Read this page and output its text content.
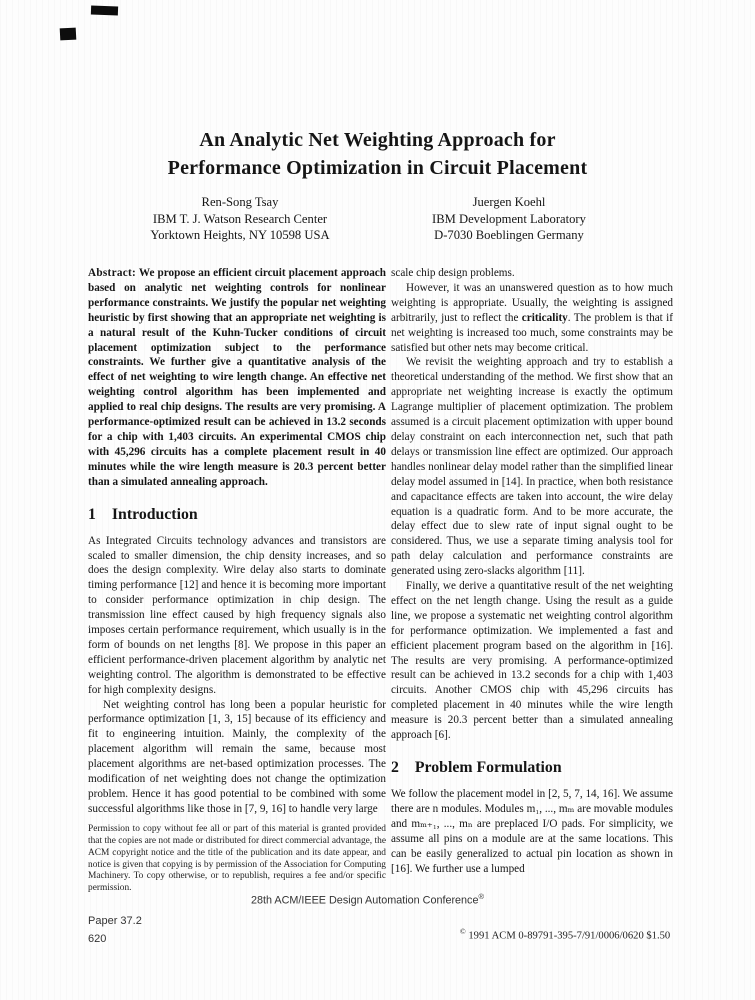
An Analytic Net Weighting Approach for
Performance Optimization in Circuit Placement
Ren-Song Tsay
IBM T. J. Watson Research Center
Yorktown Heights, NY 10598 USA
Juergen Koehl
IBM Development Laboratory
D-7030 Boeblingen Germany

Abstract: We propose an efficient circuit placement approach based on analytic net weighting controls for nonlinear performance constraints. We justify the popular net weighting heuristic by first showing that an appropriate net weighting is a natural result of the Kuhn-Tucker conditions of circuit placement optimization subject to the performance constraints. We further give a quantitative analysis of the effect of net weighting to wire length change. An effective net weighting control algorithm has been implemented and applied to real chip designs. The results are very promising. A performance-optimized result can be achieved in 13.2 seconds for a chip with 1,403 circuits. An experimental CMOS chip with 45,296 circuits has a complete placement result in 40 minutes while the wire length measure is 20.3 percent better than a simulated annealing approach.

1 Introduction

As Integrated Circuits technology advances and transistors are scaled to smaller dimension, the chip density increases, and so does the design complexity. Wire delay also starts to dominate timing performance [12] and hence it is becoming more important to consider performance optimization in chip design. The transmission line effect caused by high frequency signals also imposes certain performance requirement, which usually is in the form of bounds on net lengths [8]. We propose in this paper an efficient performance-driven placement algorithm by analytic net weighting control. The algorithm is demonstrated to be effective for high complexity designs.

Net weighting control has long been a popular heuristic for performance optimization [1, 3, 15] because of its efficiency and fit to engineering intuition. Mainly, the complexity of the placement algorithm will remain the same, because most placement algorithms are net-based optimization processes. The modification of net weighting does not change the optimization problem. Hence it has good potential to be combined with some successful algorithms like those in [7, 9, 16] to handle very large

Permission to copy without fee all or part of this material is granted provided that the copies are not made or distributed for direct commercial advantage, the ACM copyright notice and the title of the publication and its date appear, and notice is given that copying is by permission of the Association for Computing Machinery. To copy otherwise, or to republish, requires a fee and/or specific permission.

scale chip design problems.

However, it was an unanswered question as to how much weighting is appropriate. Usually, the weighting is assigned arbitrarily, just to reflect the criticality. The problem is that if net weighting is increased too much, some constraints may be satisfied but other nets may become critical.

We revisit the weighting approach and try to establish a theoretical understanding of the method. We first show that an appropriate net weighting increase is exactly the optimum Lagrange multiplier of placement optimization. The problem assumed is a circuit placement optimization with upper bound delay constraint on each interconnection net, such that path delays or transmission line effect are optimized. Our approach handles nonlinear delay model rather than the simplified linear delay model assumed in [14]. In practice, when both resistance and capacitance effects are taken into account, the wire delay equation is a quadratic form. And to be more accurate, the delay effect due to slew rate of input signal ought to be considered. Thus, we use a separate timing analysis tool for path delay calculation and performance constraints are generated using zero-slacks algorithm [11].

Finally, we derive a quantitative result of the net weighting effect on the net length change. Using the result as a guide line, we propose a systematic net weighting control algorithm for performance optimization. We implemented a fast and efficient placement program based on the algorithm in [16]. The results are very promising. A performance-optimized result can be achieved in 13.2 seconds for a chip with 1,403 circuits. Another CMOS chip with 45,296 circuits has completed placement in 40 minutes while the wire length measure is 20.3 percent better than a simulated annealing approach [6].

2 Problem Formulation

We follow the placement model in [2, 5, 7, 14, 16]. We assume there are n modules. Modules m₁, ..., mₘ are movable modules and mₘ₊₁, ..., mₙ are preplaced I/O pads. For simplicity, we assume all pins on a module are at the same locations. This can be easily generalized to actual pin location as shown in [16]. We further use a lumped

28th ACM/IEEE Design Automation Conference®
Paper 37.2
620
© 1991 ACM 0-89791-395-7/91/0006/0620 $1.50
